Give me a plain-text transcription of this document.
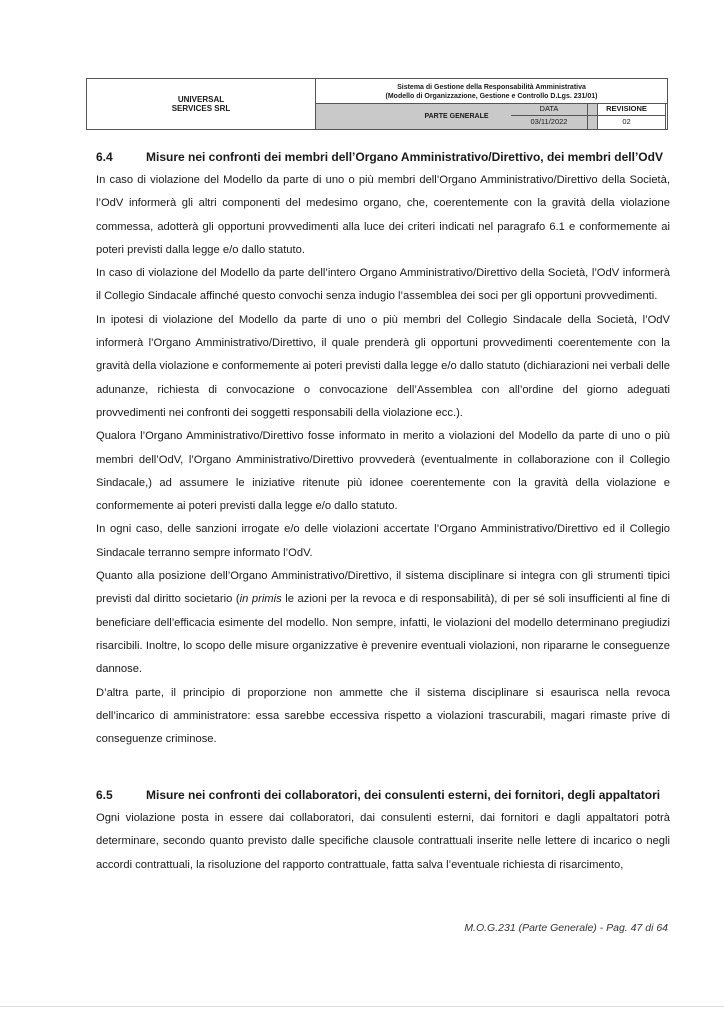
UNIVERSAL
SERVICES SRL
Sistema di Gestione della Responsabilità Amministrativa
(Modello di Organizzazione, Gestione e Controllo D.Lgs. 231/01)
PARTE GENERALE
DATA	REVISIONE
03/11/2022	02
6.4	Misure nei confronti dei membri dell’Organo Amministrativo/Direttivo, dei membri dell’OdV

In caso di violazione del Modello da parte di uno o più membri dell’Organo Amministrativo/Direttivo della Società, l’OdV informerà gli altri componenti del medesimo organo, che, coerentemente con la gravità della violazione commessa, adotterà gli opportuni provvedimenti alla luce dei criteri indicati nel paragrafo 6.1 e conformemente ai poteri previsti dalla legge e/o dallo statuto.

In caso di violazione del Modello da parte dell’intero Organo Amministrativo/Direttivo della Società, l’OdV informerà il Collegio Sindacale affinché questo convochi senza indugio l’assemblea dei soci per gli opportuni provvedimenti.

In ipotesi di violazione del Modello da parte di uno o più membri del Collegio Sindacale della Società, l’OdV informerà l’Organo Amministrativo/Direttivo, il quale prenderà gli opportuni provvedimenti coerentemente con la gravità della violazione e conformemente ai poteri previsti dalla legge e/o dallo statuto (dichiarazioni nei verbali delle adunanze, richiesta di convocazione o convocazione dell’Assemblea con all’ordine del giorno adeguati provvedimenti nei confronti dei soggetti responsabili della violazione ecc.).

Qualora l’Organo Amministrativo/Direttivo fosse informato in merito a violazioni del Modello da parte di uno o più membri dell’OdV, l’Organo Amministrativo/Direttivo provvederà (eventualmente in collaborazione con il Collegio Sindacale,) ad assumere le iniziative ritenute più idonee coerentemente con la gravità della violazione e conformemente ai poteri previsti dalla legge e/o dallo statuto.

In ogni caso, delle sanzioni irrogate e/o delle violazioni accertate l’Organo Amministrativo/Direttivo ed il Collegio Sindacale terranno sempre informato l’OdV.

Quanto alla posizione dell’Organo Amministrativo/Direttivo, il sistema disciplinare si integra con gli strumenti tipici previsti dal diritto societario (in primis le azioni per la revoca e di responsabilità), di per sé soli insufficienti al fine di beneficiare dell’efficacia esimente del modello. Non sempre, infatti, le violazioni del modello determinano pregiudizi risarcibili. Inoltre, lo scopo delle misure organizzative è prevenire eventuali violazioni, non ripararne le conseguenze dannose.

D’altra parte, il principio di proporzione non ammette che il sistema disciplinare si esaurisca nella revoca dell’incarico di amministratore: essa sarebbe eccessiva rispetto a violazioni trascurabili, magari rimaste prive di conseguenze criminose.

6.5	Misure nei confronti dei collaboratori, dei consulenti esterni, dei fornitori, degli appaltatori

Ogni violazione posta in essere dai collaboratori, dai consulenti esterni, dai fornitori e dagli appaltatori potrà determinare, secondo quanto previsto dalle specifiche clausole contrattuali inserite nelle lettere di incarico o negli accordi contrattuali, la risoluzione del rapporto contrattuale, fatta salva l’eventuale richiesta di risarcimento,

M.O.G.231 (Parte Generale) - Pag. 47 di 64
